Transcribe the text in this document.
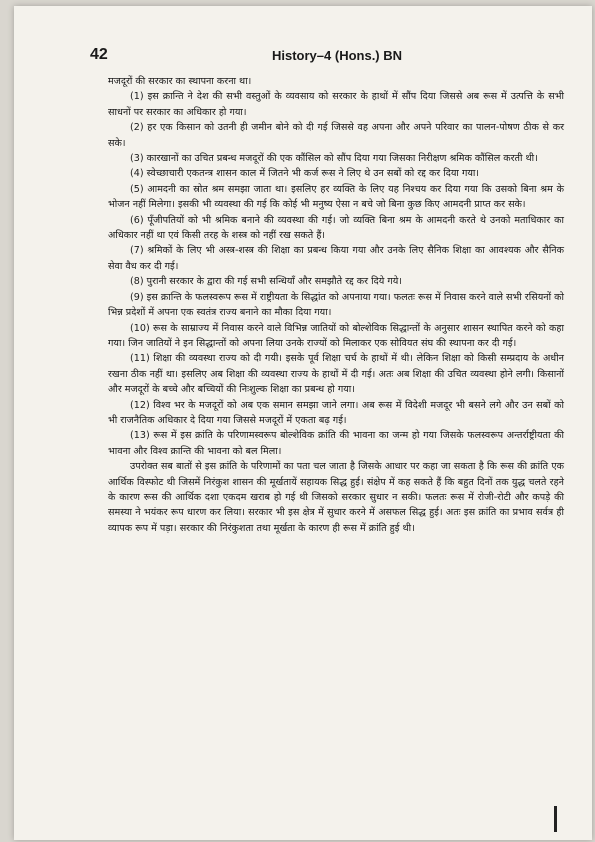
42	History–4 (Hons.) BN

मजदूरों की सरकार का स्थापना करना था।

(1) इस क्रान्ति ने देश की सभी वस्तुओं के व्यवसाय को सरकार के हाथों में सौंप दिया जिससे अब रूस में उत्पत्ति के सभी साधनों पर सरकार का अधिकार हो गया।

(2) हर एक किसान को उतनी ही जमीन बोने को दी गई जिससे वह अपना और अपने परिवार का पालन-पोषण ठीक से कर सके।

(3) कारखानों का उचित प्रबन्ध मजदूरों की एक कौंसिल को सौंप दिया गया जिसका निरीक्षण श्रमिक कौंसिल करती थी।

(4) स्वेच्छाचारी एकतन्त्र शासन काल में जितने भी कर्ज रूस ने लिए थे उन सबों को रद्द कर दिया गया।

(5) आमदनी का स्रोत श्रम समझा जाता था। इसलिए हर व्यक्ति के लिए यह निश्चय कर दिया गया कि उसको बिना श्रम के भोजन नहीं मिलेगा। इसकी भी व्यवस्था की गई कि कोई भी मनुष्य ऐसा न बचे जो बिना कुछ किए आमदनी प्राप्त कर सके।

(6) पूँजीपतियों को भी श्रमिक बनाने की व्यवस्था की गई। जो व्यक्ति बिना श्रम के आमदनी करते थे उनको मताधिकार का अधिकार नहीं था एवं किसी तरह के शस्त्र को नहीं रख सकते हैं।

(7) श्रमिकों के लिए भी अस्त्र-शस्त्र की शिक्षा का प्रबन्ध किया गया और उनके लिए सैनिक शिक्षा का आवश्यक और सैनिक सेवा वैध कर दी गई।

(8) पुरानी सरकार के द्वारा की गई सभी सन्धियाँ और समझौते रद्द कर दिये गये।

(9) इस क्रान्ति के फलस्वरूप रूस में राष्ट्रीयता के सिद्धांत को अपनाया गया। फलतः रूस में निवास करने वाले सभी रसियनों को भिन्न प्रदेशों में अपना एक स्वतंत्र राज्य बनाने का मौका दिया गया।

(10) रूस के साम्राज्य में निवास करने वाले विभिन्न जातियों को बोल्शेविक सिद्धान्तों के अनुसार शासन स्थापित करने को कहा गया। जिन जातियों ने इन सिद्धान्तों को अपना लिया उनके राज्यों को मिलाकर एक सोवियत संघ की स्थापना कर दी गई।

(11) शिक्षा की व्यवस्था राज्य को दी गयी। इसके पूर्व शिक्षा चर्च के हाथों में थी। लेकिन शिक्षा को किसी सम्प्रदाय के अधीन रखना ठीक नहीं था। इसलिए अब शिक्षा की व्यवस्था राज्य के हाथों में दी गई। अतः अब शिक्षा की उचित व्यवस्था होने लगी। किसानों और मजदूरों के बच्चे और बच्चियों की निःशुल्क शिक्षा का प्रबन्ध हो गया।

(12) विश्व भर के मजदूरों को अब एक समान समझा जाने लगा। अब रूस में विदेशी मजदूर भी बसने लगे और उन सबों को भी राजनैतिक अधिकार दे दिया गया जिससे मजदूरों में एकता बढ़ गई।

(13) रूस में इस क्रांति के परिणामस्वरूप बोल्शेविक क्रांति की भावना का जन्म हो गया जिसके फलस्वरूप अन्तर्राष्ट्रीयता की भावना और विश्व क्रान्ति की भावना को बल मिला।

उपरोक्त सब बातों से इस क्रांति के परिणामों का पता चल जाता है जिसके आधार पर कहा जा सकता है कि रूस की क्रांति एक आर्थिक विस्फोट थी जिसमें निरंकुश शासन की मूर्खतायें सहायक सिद्ध हुई। संक्षेप में कह सकते हैं कि बहुत दिनों तक युद्ध चलते रहने के कारण रूस की आर्थिक दशा एकदम खराब हो गई थी जिसको सरकार सुधार न सकी। फलतः रूस में रोजी-रोटी और कपड़े की समस्या ने भयंकर रूप धारण कर लिया। सरकार भी इस क्षेत्र में सुधार करने में असफल सिद्ध हुई। अतः इस क्रांति का प्रभाव सर्वत्र ही व्यापक रूप में पड़ा। सरकार की निरंकुशता तथा मूर्खता के कारण ही रूस में क्रांति हुई थी।
